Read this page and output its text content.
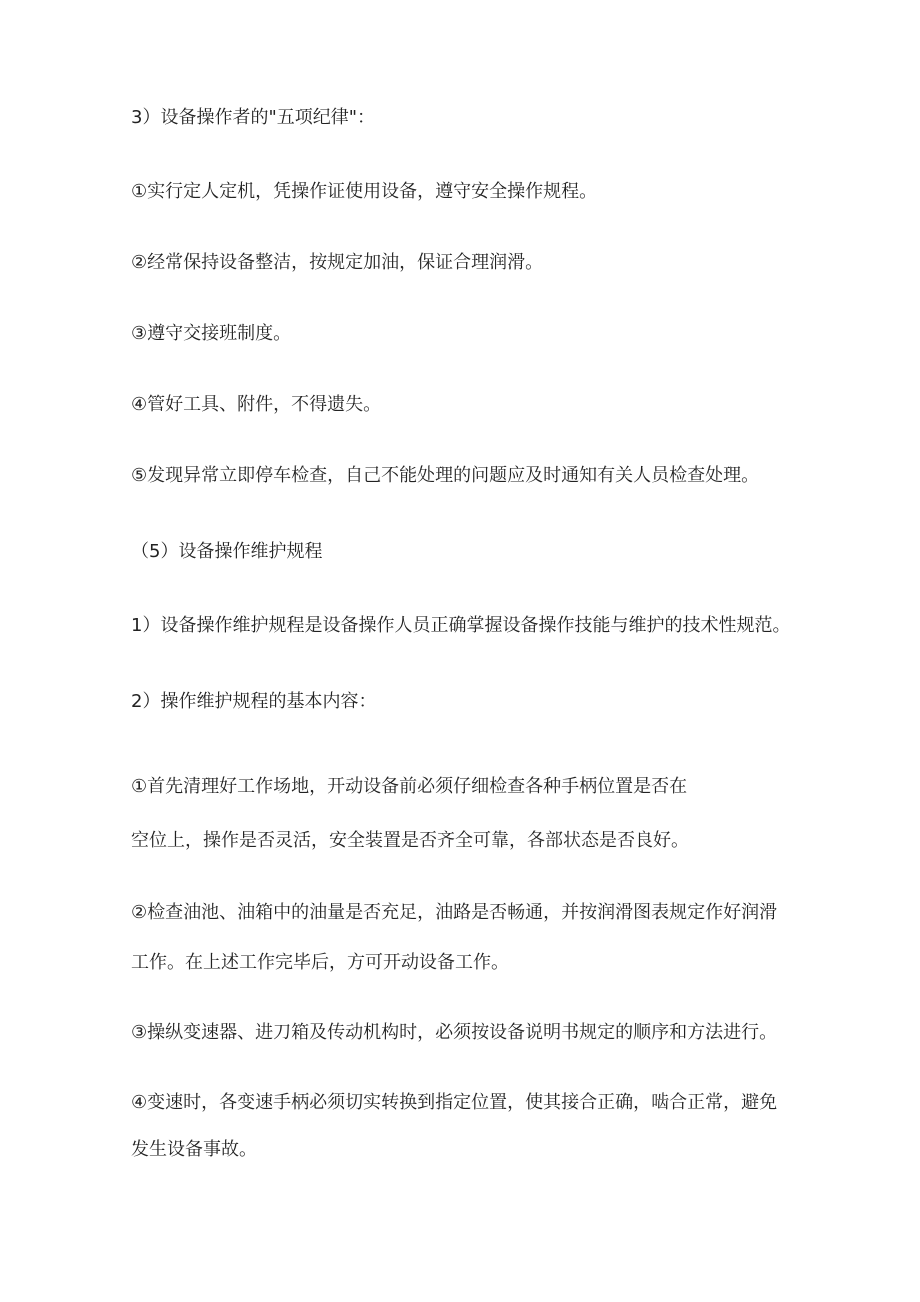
3）设备操作者的"五项纪律"：
①实行定人定机，凭操作证使用设备，遵守安全操作规程。
②经常保持设备整洁，按规定加油，保证合理润滑。
③遵守交接班制度。
④管好工具、附件，不得遗失。
⑤发现异常立即停车检查，自己不能处理的问题应及时通知有关人员检查处理。
（5）设备操作维护规程
1）设备操作维护规程是设备操作人员正确掌握设备操作技能与维护的技术性规范。
2）操作维护规程的基本内容：
①首先清理好工作场地，开动设备前必须仔细检查各种手柄位置是否在
空位上，操作是否灵活，安全装置是否齐全可靠，各部状态是否良好。
②检查油池、油箱中的油量是否充足，油路是否畅通，并按润滑图表规定作好润滑
工作。在上述工作完毕后，方可开动设备工作。
③操纵变速器、进刀箱及传动机构时，必须按设备说明书规定的顺序和方法进行。
④变速时，各变速手柄必须切实转换到指定位置，使其接合正确，啮合正常，避免
发生设备事故。
